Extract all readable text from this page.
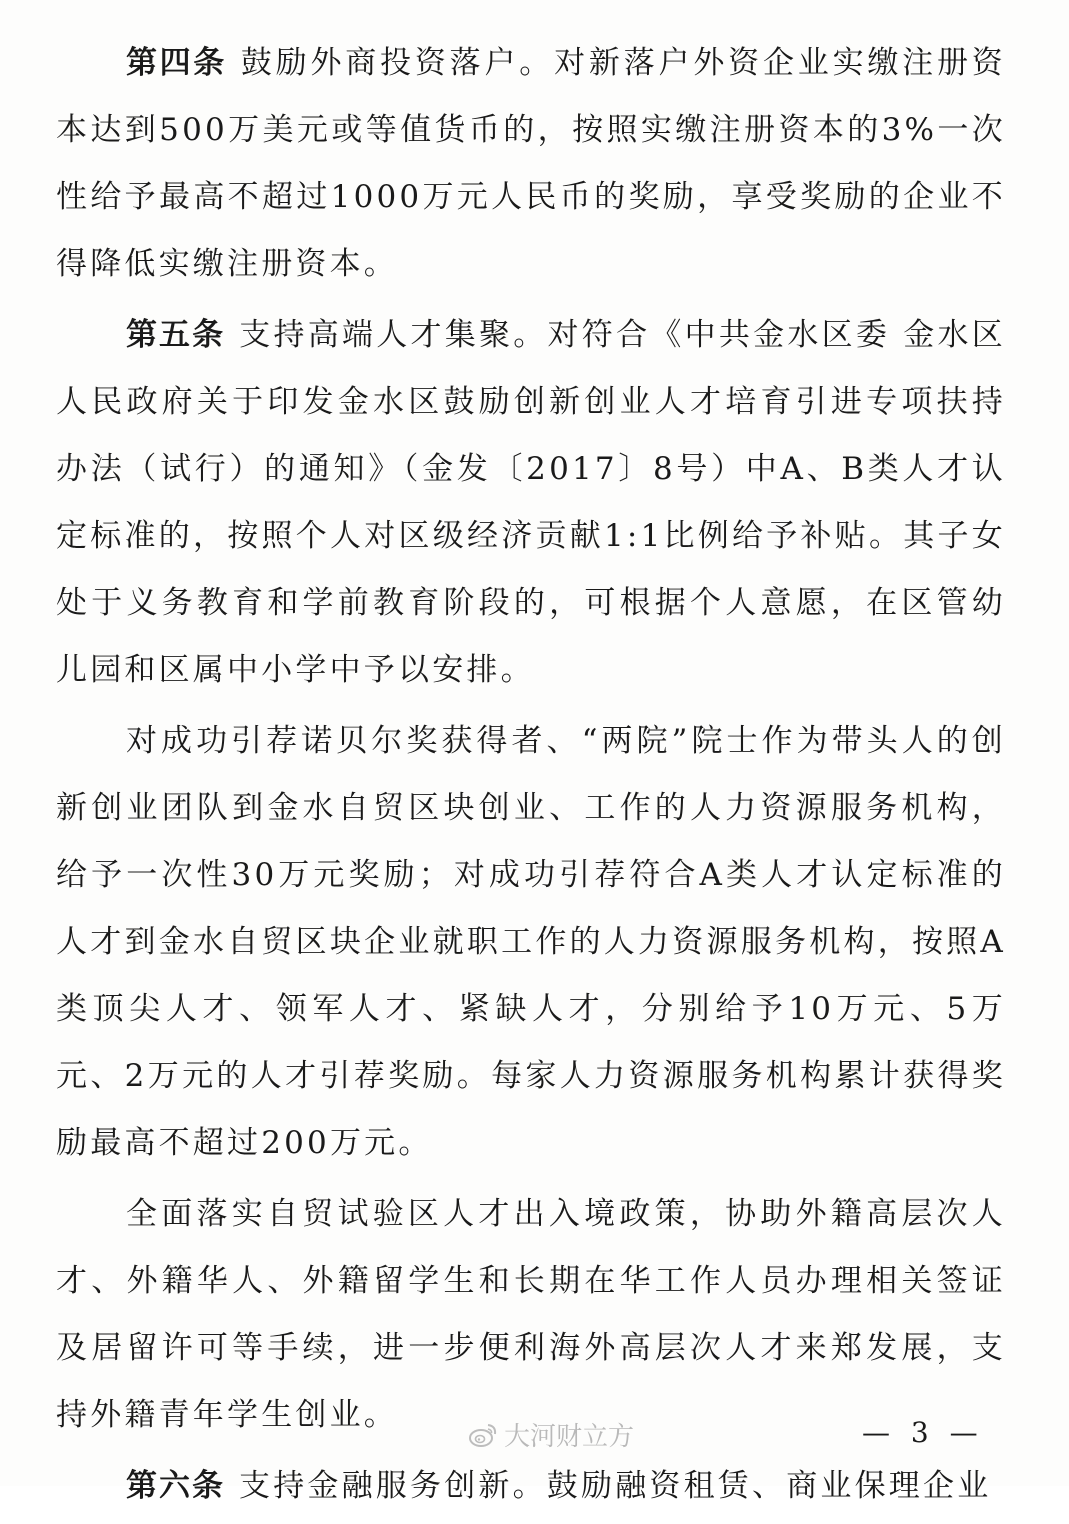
第四条 鼓励外商投资落户。对新落户外资企业实缴注册资本达到500万美元或等值货币的，按照实缴注册资本的3%一次性给予最高不超过1000万元人民币的奖励，享受奖励的企业不得降低实缴注册资本。

第五条 支持高端人才集聚。对符合《中共金水区委 金水区人民政府关于印发金水区鼓励创新创业人才培育引进专项扶持办法（试行）的通知》（金发〔2017〕8号）中A、B类人才认定标准的，按照个人对区级经济贡献1:1比例给予补贴。其子女处于义务教育和学前教育阶段的，可根据个人意愿，在区管幼儿园和区属中小学中予以安排。

对成功引荐诺贝尔奖获得者、“两院”院士作为带头人的创新创业团队到金水自贸区块创业、工作的人力资源服务机构，给予一次性30万元奖励；对成功引荐符合A类人才认定标准的人才到金水自贸区块企业就职工作的人力资源服务机构，按照A类顶尖人才、领军人才、紧缺人才，分别给予10万元、5万元、2万元的人才引荐奖励。每家人力资源服务机构累计获得奖励最高不超过200万元。

全面落实自贸试验区人才出入境政策，协助外籍高层次人才、外籍华人、外籍留学生和长期在华工作人员办理相关签证及居留许可等手续，进一步便利海外高层次人才来郑发展，支持外籍青年学生创业。

第六条 支持金融服务创新。鼓励融资租赁、商业保理企业

大河财立方	— 3 —
